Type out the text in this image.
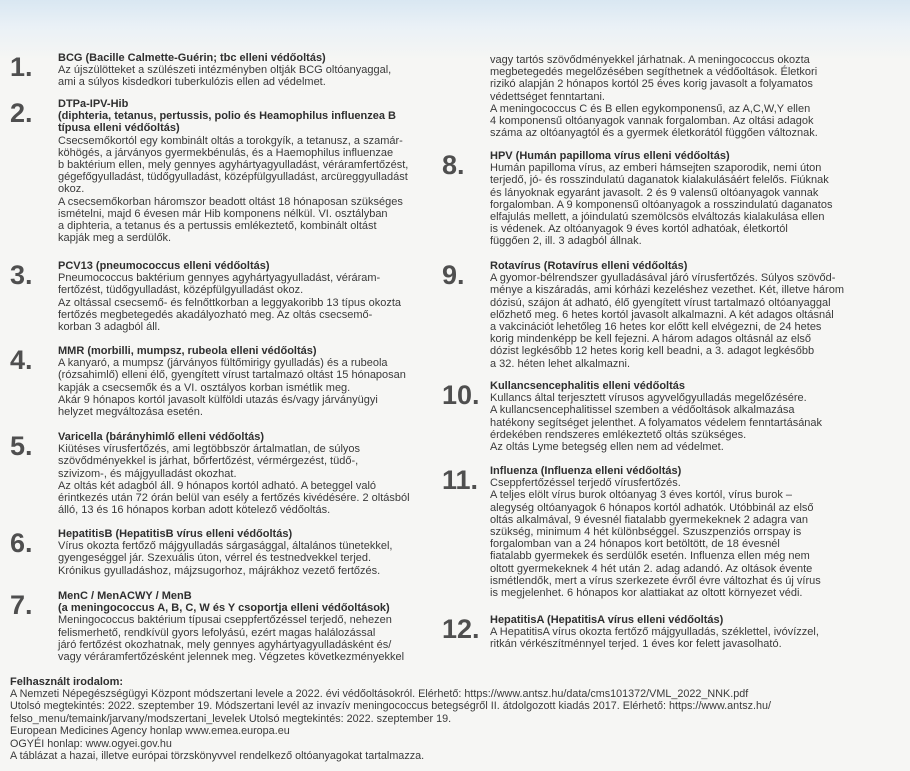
1. BCG (Bacille Calmette-Guérin; tbc elleni védőoltás)

Az újszülötteket a szülészeti intézményben oltják BCG oltóanyaggal,
ami a súlyos kisdedkori tuberkulózis ellen ad védelmet.

2. DTPa-IPV-Hib
(diphteria, tetanus, pertussis, polio és Heamophilus influenzea B
típusa elleni védőoltás)

Csecsemőkortól egy kombinált oltás a torokgyík, a tetanusz, a szamár-
köhögés, a járványos gyermekbénulás, és a Haemophilus influenzae
b baktérium ellen, mely gennyes agyhártyagyulladást, véráramfertőzést,
gégefőgyulladást, tüdőgyulladást, középfülgyulladást, arcüreggyulladást
okoz.
A csecsemőkorban háromszor beadott oltást 18 hónaposan szükséges
ismételni, majd 6 évesen már Hib komponens nélkül. VI. osztályban
a diphteria, a tetanus és a pertussis emlékeztető, kombinált oltást
kapják meg a serdülők.

3. PCV13 (pneumococcus elleni védőoltás)

Pneumococcus baktérium gennyes agyhártyagyulladást, véráram-
fertőzést, tüdőgyulladást, középfülgyulladást okoz.
Az oltással csecsemő- és felnőttkorban a leggyakoribb 13 típus okozta
fertőzés megbetegedés akadályozható meg. Az oltás csecsemő-
korban 3 adagból áll.

4. MMR (morbilli, mumpsz, rubeola elleni védőoltás)

A kanyaró, a mumpsz (járványos fültőmirigy gyulladás) és a rubeola
(rózsahimlő) elleni élő, gyengített vírust tartalmazó oltást 15 hónaposan
kapják a csecsemők és a VI. osztályos korban ismétlik meg.
Akár 9 hónapos kortól javasolt külföldi utazás és/vagy járványügyi
helyzet megváltozása esetén.

5. Varicella (bárányhimlő elleni védőoltás)

Kiütéses vírusfertőzés, ami legtöbbször ártalmatlan, de súlyos
szövődményekkel is járhat, bőrfertőzést, vérmérgezést, tüdő-,
szivizom-, és májgyulladást okozhat.
Az oltás két adagból áll. 9 hónapos kortól adható. A beteggel való
érintkezés után 72 órán belül van esély a fertőzés kivédésére. 2 oltásból
álló, 13 és 16 hónapos korban adott kötelező védőoltás.

6. HepatitisB (HepatitisB vírus elleni védőoltás)

Vírus okozta fertőző májgyulladás sárgasággal, általános tünetekkel,
gyengeséggel jár. Szexuális úton, vérrel és testnedvekkel terjed.
Krónikus gyulladáshoz, májzsugorhoz, májrákhoz vezető fertőzés.

7. MenC / MenACWY / MenB
(a meningococcus A, B, C, W és Y csoportja elleni védőoltások)

Meningococcus baktérium típusai cseppfertőzéssel terjedő, nehezen
felismerhető, rendkívül gyors lefolyású, ezért magas halálozással
járó fertőzést okozhatnak, mely gennyes agyhártyagyulladásként és/
vagy véráramfertőzésként jelennek meg. Végzetes következményekkel

vagy tartós szövődményekkel járhatnak. A meningococcus okozta
megbetegedés megelőzésében segíthetnek a védőoltások. Életkori
rizikó alapján 2 hónapos kortól 25 éves korig javasolt a folyamatos
védettséget fenntartani.
A meningococcus C és B ellen egykomponensű, az A,C,W,Y ellen
4 komponensű oltóanyagok vannak forgalomban. Az oltási adagok
száma az oltóanyagtól és a gyermek életkorától függően változnak.

8. HPV (Humán papilloma vírus elleni védőoltás)

Humán papilloma vírus, az emberi hámsejten szaporodik, nemi úton
terjedő, jó- és rosszindulatú daganatok kialakulásáért felelős. Fiúknak
és lányoknak egyaránt javasolt. 2 és 9 valensű oltóanyagok vannak
forgalomban. A 9 komponensű oltóanyagok a rosszindulatú daganatos
elfajulás mellett, a jóindulatú szemölcsös elváltozás kialakulása ellen
is védenek. Az oltóanyagok 9 éves kortól adhatóak, életkortól
függően 2, ill. 3 adagból állnak.

9. Rotavírus (Rotavírus elleni védőoltás)

A gyomor-bélrendszer gyulladásával járó vírusfertőzés. Súlyos szövőd-
ménye a kiszáradás, ami kórházi kezeléshez vezethet. Két, illetve három
dózisú, szájon át adható, élő gyengített vírust tartalmazó oltóanyaggal
előzhető meg. 6 hetes kortól javasolt alkalmazni. A két adagos oltásnál
a vakcinációt lehetőleg 16 hetes kor előtt kell elvégezni, de 24 hetes
korig mindenképp be kell fejezni. A három adagos oltásnál az első
dózist legkésőbb 12 hetes korig kell beadni, a 3. adagot legkésőbb
a 32. héten lehet alkalmazni.

10. Kullancsencephalitis elleni védőoltás

Kullancs által terjesztett vírusos agyvelőgyulladás megelőzésére.
A kullancsencephalitissel szemben a védőoltások alkalmazása
hatékony segítséget jelenthet. A folyamatos védelem fenntartásának
érdekében rendszeres emlékeztető oltás szükséges.
Az oltás Lyme betegség ellen nem ad védelmet.

11. Influenza (Influenza elleni védőoltás)

Cseppfertőzéssel terjedő vírusfertőzés.
A teljes elölt vírus burok oltóanyag 3 éves kortól, vírus burok –
alegység oltóanyagok 6 hónapos kortól adhatók. Utóbbinál az első
oltás alkalmával, 9 évesnél fiatalabb gyermekeknek 2 adagra van
szükség, minimum 4 hét különbséggel. Szuszpenziós orrspay is
forgalomban van a 24 hónapos kort betöltött, de 18 évesnél
fiatalabb gyermekek és serdülők esetén. Influenza ellen még nem
oltott gyermekeknek 4 hét után 2. adag adandó. Az oltások évente
ismétlendők, mert a vírus szerkezete évről évre változhat és új vírus
is megjelenhet. 6 hónapos kor alattiakat az oltott környezet védi.

12. HepatitisA (HepatitisA vírus elleni védőoltás)

A HepatitisA vírus okozta fertőző májgyulladás, széklettel, ivóvízzel,
ritkán vérkészítménnyel terjed. 1 éves kor felett javasolható.

Felhasznált irodalom:
A Nemzeti Népegészségügyi Központ módszertani levele a 2022. évi védőoltásokról. Elérhető: https://www.antsz.hu/data/cms101372/VML_2022_NNK.pdf
Utolsó megtekintés: 2022. szeptember 19. Módszertani levél az invazív meningococcus betegségről II. átdolgozott kiadás 2017. Elérhető: https://www.antsz.hu/
felso_menu/temaink/jarvany/modszertani_levelek Utolsó megtekintés: 2022. szeptember 19.
European Medicines Agency honlap www.emea.europa.eu
OGYÉI honlap: www.ogyei.gov.hu
A táblázat a hazai, illetve európai törzskönyvvel rendelkező oltóanyagokat tartalmazza.
